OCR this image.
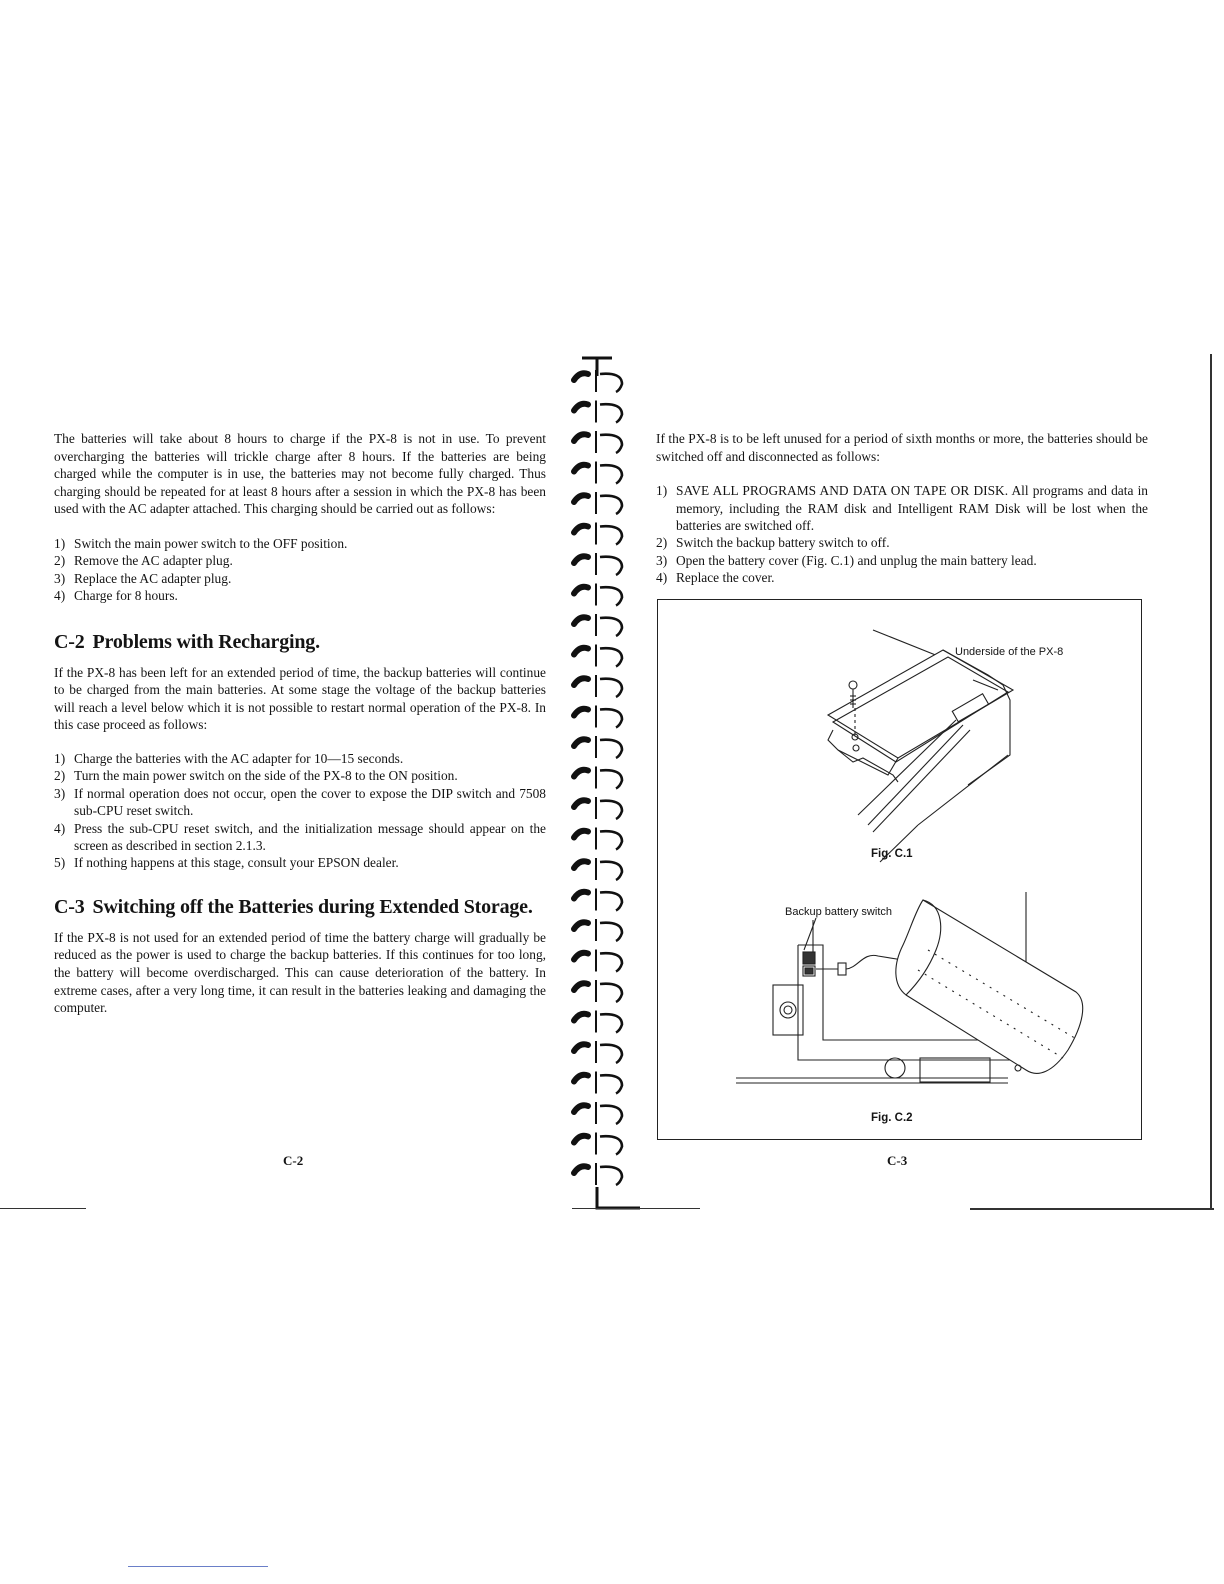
The batteries will take about 8 hours to charge if the PX-8 is not in use. To prevent overcharging the batteries will trickle charge after 8 hours. If the batteries are being charged while the computer is in use, the batteries may not become fully charged. Thus charging should be repeated for at least 8 hours after a session in which the PX-8 has been used with the AC adapter attached. This charging should be carried out as follows:

1) Switch the main power switch to the OFF position.
2) Remove the AC adapter plug.
3) Replace the AC adapter plug.
4) Charge for 8 hours.
C-2 Problems with Recharging.

If the PX-8 has been left for an extended period of time, the backup batteries will continue to be charged from the main batteries. At some stage the voltage of the backup batteries will reach a level below which it is not possible to restart normal operation of the PX-8. In this case proceed as follows:

1) Charge the batteries with the AC adapter for 10—15 seconds.
2) Turn the main power switch on the side of the PX-8 to the ON position.
3) If normal operation does not occur, open the cover to expose the DIP switch and 7508 sub-CPU reset switch.
4) Press the sub-CPU reset switch, and the initialization message should appear on the screen as described in section 2.1.3.
5) If nothing happens at this stage, consult your EPSON dealer.
C-3 Switching off the Batteries during Extended Storage.

If the PX-8 is not used for an extended period of time the battery charge will gradually be reduced as the power is used to charge the backup batteries. If this continues for too long, the battery will become overdischarged. This can cause deterioration of the battery. In extreme cases, after a very long time, it can result in the batteries leaking and damaging the computer.

C-2

If the PX-8 is to be left unused for a period of sixth months or more, the batteries should be switched off and disconnected as follows:

1) SAVE ALL PROGRAMS AND DATA ON TAPE OR DISK. All programs and data in memory, including the RAM disk and Intelligent RAM Disk will be lost when the batteries are switched off.
2) Switch the backup battery switch to off.
3) Open the battery cover (Fig. C.1) and unplug the main battery lead.
4) Replace the cover.
Underside of the PX-8
Fig. C.1
Backup battery switch
Fig. C.2
C-3
